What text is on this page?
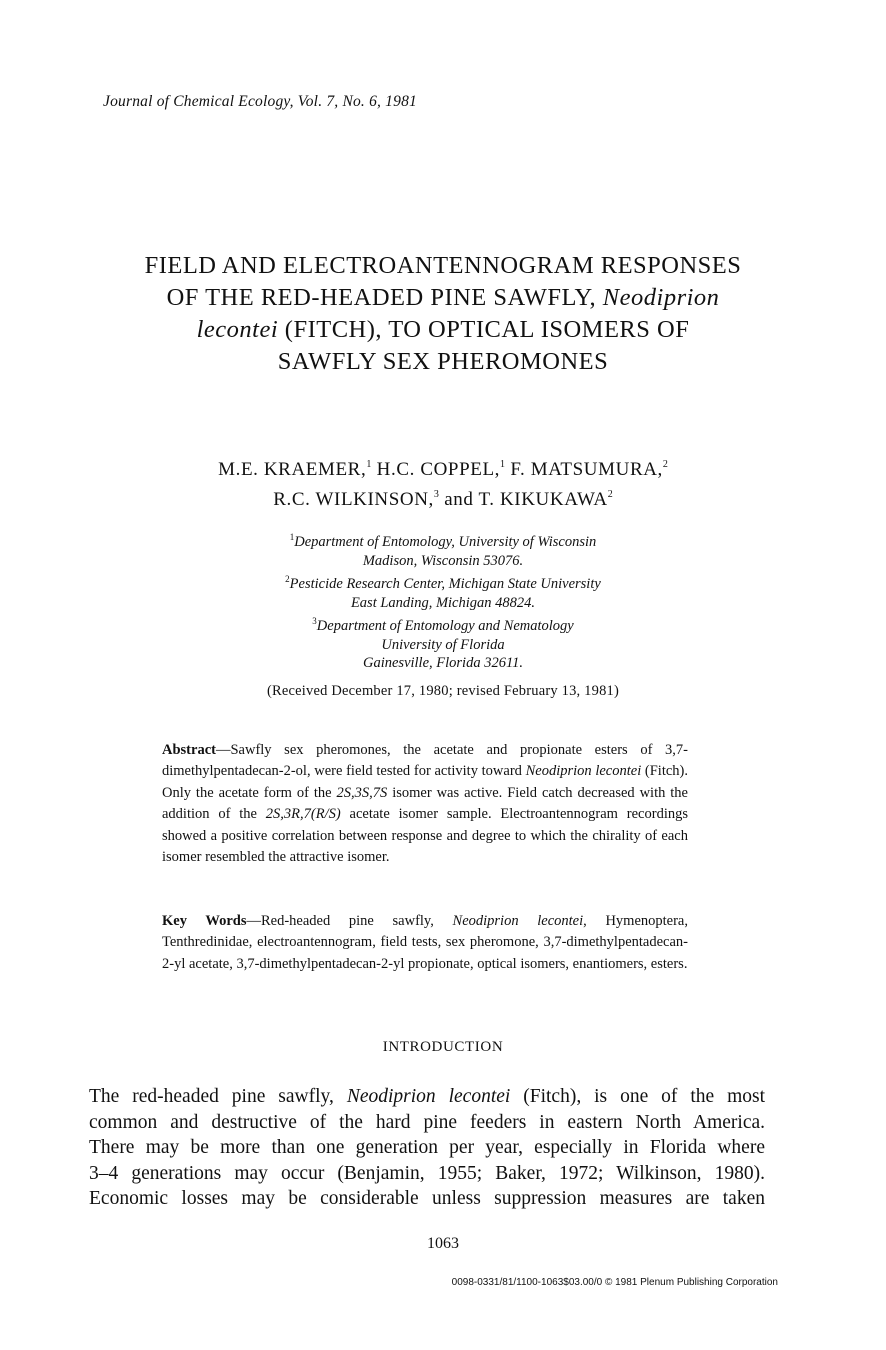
Journal of Chemical Ecology, Vol. 7, No. 6, 1981
FIELD AND ELECTROANTENNOGRAM RESPONSES
OF THE RED-HEADED PINE SAWFLY, Neodiprion
lecontei (FITCH), TO OPTICAL ISOMERS OF
SAWFLY SEX PHEROMONES
M.E. KRAEMER,$^1$ H.C. COPPEL,$^1$ F. MATSUMURA,$^2$
R.C. WILKINSON,$^3$ and T. KIKUKAWA$^2$
$^1$Department of Entomology, University of Wisconsin
Madison, Wisconsin 53076.
$^2$Pesticide Research Center, Michigan State University
East Landing, Michigan 48824.
$^3$Department of Entomology and Nematology
University of Florida
Gainesville, Florida 32611.
(Received December 17, 1980; revised February 13, 1981)
Abstract—Sawfly sex pheromones, the acetate and propionate esters of 3,7-dimethylpentadecan-2-ol, were field tested for activity toward Neodiprion lecontei (Fitch). Only the acetate form of the 2S,3S,7S isomer was active. Field catch decreased with the addition of the 2S,3R,7(R/S) acetate isomer sample. Electroantennogram recordings showed a positive correlation between response and degree to which the chirality of each isomer resembled the attractive isomer.
Key Words—Red-headed pine sawfly, Neodiprion lecontei, Hymenoptera, Tenthredinidae, electroantennogram, field tests, sex pheromone, 3,7-dimethylpentadecan-2-yl acetate, 3,7-dimethylpentadecan-2-yl propionate, optical isomers, enantiomers, esters.
INTRODUCTION
The red-headed pine sawfly, Neodiprion lecontei (Fitch), is one of the most
common and destructive of the hard pine feeders in eastern North America.
There may be more than one generation per year, especially in Florida where
3–4 generations may occur (Benjamin, 1955; Baker, 1972; Wilkinson, 1980).
Economic losses may be considerable unless suppression measures are taken
1063
0098-0331/81/1100-1063$03.00/0 © 1981 Plenum Publishing Corporation
